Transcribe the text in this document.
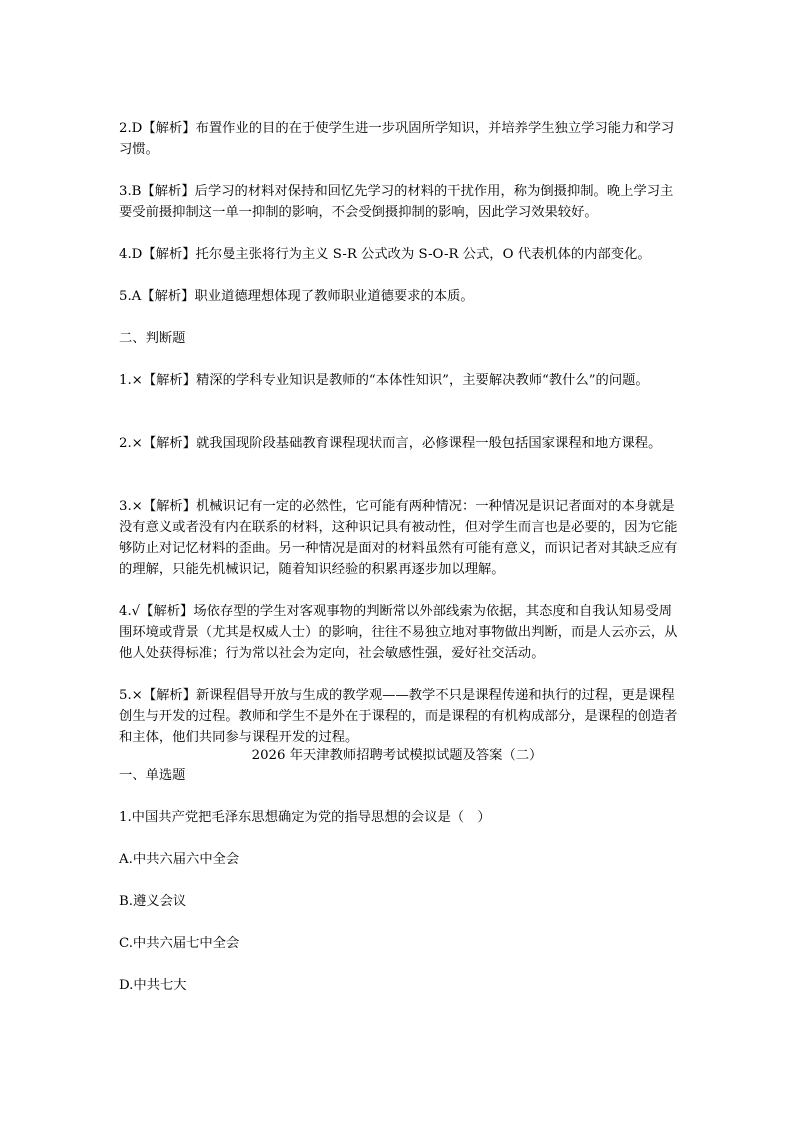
2.D【解析】布置作业的目的在于使学生进一步巩固所学知识，并培养学生独立学习能力和学习习惯。

3.B【解析】后学习的材料对保持和回忆先学习的材料的干扰作用，称为倒摄抑制。晚上学习主要受前摄抑制这一单一抑制的影响，不会受倒摄抑制的影响，因此学习效果较好。

4.D【解析】托尔曼主张将行为主义 S-R 公式改为 S-O-R 公式，O 代表机体的内部变化。

5.A【解析】职业道德理想体现了教师职业道德要求的本质。

二、判断题

1.×【解析】精深的学科专业知识是教师的“本体性知识”，主要解决教师“教什么”的问题。

2.×【解析】就我国现阶段基础教育课程现状而言，必修课程一般包括国家课程和地方课程。

3.×【解析】机械识记有一定的必然性，它可能有两种情况：一种情况是识记者面对的本身就是没有意义或者没有内在联系的材料，这种识记具有被动性，但对学生而言也是必要的，因为它能够防止对记忆材料的歪曲。另一种情况是面对的材料虽然有可能有意义，而识记者对其缺乏应有的理解，只能先机械识记，随着知识经验的积累再逐步加以理解。

4.√【解析】场依存型的学生对客观事物的判断常以外部线索为依据，其态度和自我认知易受周围环境或背景（尤其是权威人士）的影响，往往不易独立地对事物做出判断，而是人云亦云，从他人处获得标准；行为常以社会为定向，社会敏感性强，爱好社交活动。

5.×【解析】新课程倡导开放与生成的教学观——教学不只是课程传递和执行的过程，更是课程创生与开发的过程。教师和学生不是外在于课程的，而是课程的有机构成部分，是课程的创造者和主体，他们共同参与课程开发的过程。

2026 年天津教师招聘考试模拟试题及答案（二）

一、单选题

1.中国共产党把毛泽东思想确定为党的指导思想的会议是（　）

A.中共六届六中全会

B.遵义会议

C.中共六届七中全会

D.中共七大
